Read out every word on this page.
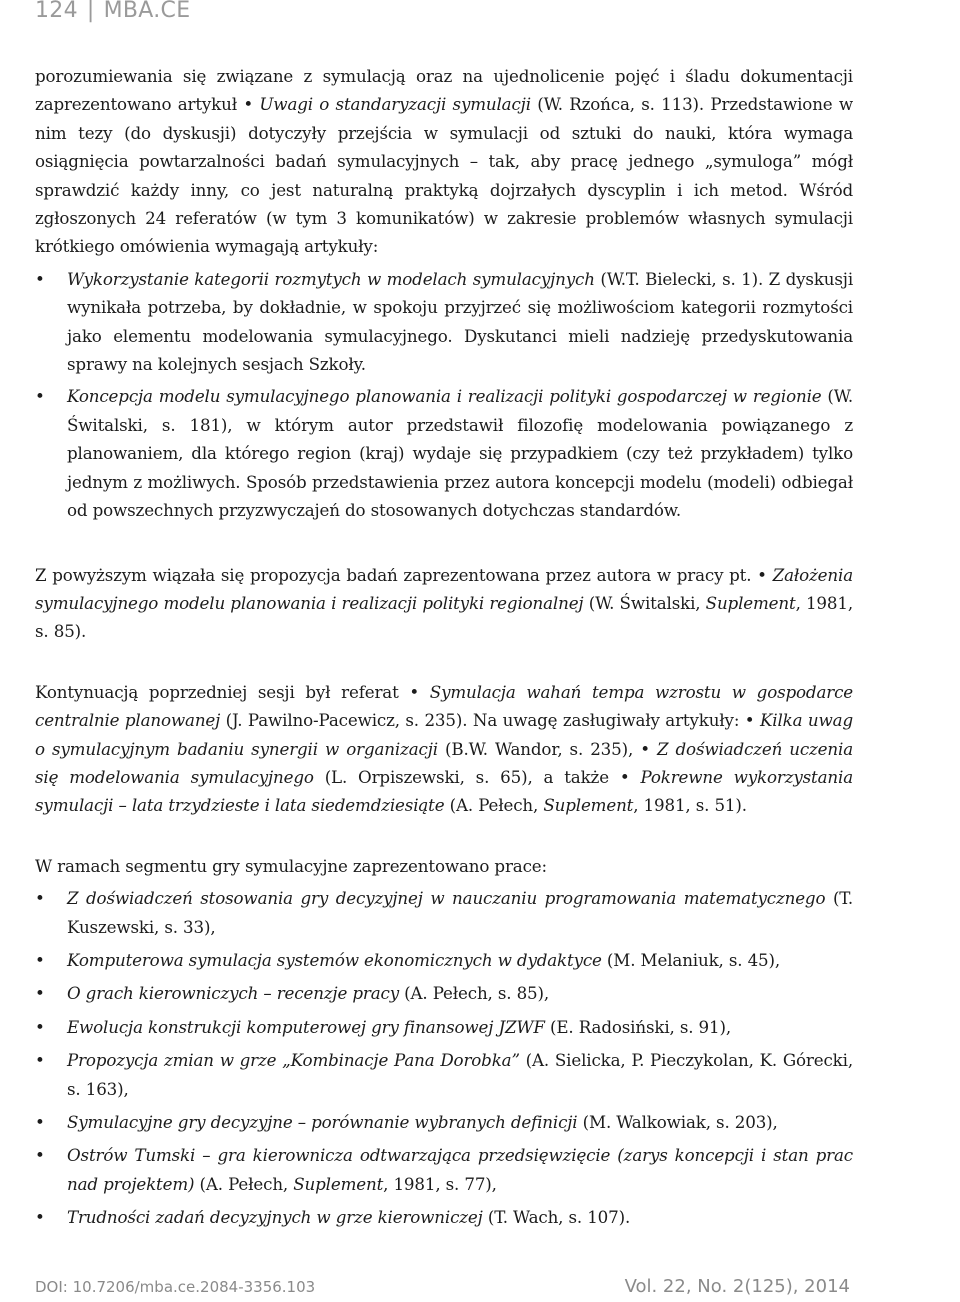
124 | MBA.CE

porozumiewania się związane z symulacją oraz na ujednolicenie pojęć i śladu dokumentacji zaprezentowano artykuł • Uwagi o standaryzacji symulacji (W. Rzońca, s. 113). Przedstawione w nim tezy (do dyskusji) dotyczyły przejścia w symulacji od sztuki do nauki, która wymaga osiągnięcia powtarzalności badań symulacyjnych – tak, aby pracę jednego „symuloga” mógł sprawdzić każdy inny, co jest naturalną praktyką dojrzałych dyscyplin i ich metod. Wśród zgłoszonych 24 referatów (w tym 3 komunikatów) w zakresie problemów własnych symulacji krótkiego omówienia wymagają artykuły:

• Wykorzystanie kategorii rozmytych w modelach symulacyjnych (W.T. Bielecki, s. 1). Z dyskusji wynikała potrzeba, by dokładnie, w spokoju przyjrzeć się możliwościom kategorii rozmytości jako elementu modelowania symulacyjnego. Dyskutanci mieli nadzieję przedyskutowania sprawy na kolejnych sesjach Szkoły.
• Koncepcja modelu symulacyjnego planowania i realizacji polityki gospodarczej w regionie (W. Świtalski, s. 181), w którym autor przedstawił filozofię modelowania powiązanego z planowaniem, dla którego region (kraj) wydaje się przypadkiem (czy też przykładem) tylko jednym z możliwych. Sposób przedstawienia przez autora koncepcji modelu (modeli) odbiegał od powszechnych przyzwyczajeń do stosowanych dotychczas standardów.

Z powyższym wiązała się propozycja badań zaprezentowana przez autora w pracy pt. • Założenia symulacyjnego modelu planowania i realizacji polityki regionalnej (W. Świtalski, Suplement, 1981, s. 85).

Kontynuacją poprzedniej sesji był referat • Symulacja wahań tempa wzrostu w gospodarce centralnie planowanej (J. Pawilno-Pacewicz, s. 235). Na uwagę zasługiwały artykuły: • Kilka uwag o symulacyjnym badaniu synergii w organizacji (B.W. Wandor, s. 235), • Z doświadczeń uczenia się modelowania symulacyjnego (L. Orpiszewski, s. 65), a także • Pokrewne wykorzystania symulacji – lata trzydzieste i lata siedemdziesiąte (A. Pełech, Suplement, 1981, s. 51).

W ramach segmentu gry symulacyjne zaprezentowano prace:

• Z doświadczeń stosowania gry decyzyjnej w nauczaniu programowania matematycznego (T. Kuszewski, s. 33),
• Komputerowa symulacja systemów ekonomicznych w dydaktyce (M. Melaniuk, s. 45),
• O grach kierowniczych – recenzje pracy (A. Pełech, s. 85),
• Ewolucja konstrukcji komputerowej gry finansowej JZWF (E. Radosiński, s. 91),
• Propozycja zmian w grze „Kombinacje Pana Dorobka” (A. Sielicka, P. Pieczykolan, K. Górecki, s. 163),
• Symulacyjne gry decyzyjne – porównanie wybranych definicji (M. Walkowiak, s. 203),
• Ostrów Tumski – gra kierownicza odtwarzająca przedsięwzięcie (zarys koncepcji i stan prac nad projektem) (A. Pełech, Suplement, 1981, s. 77),
• Trudności zadań decyzyjnych w grze kierowniczej (T. Wach, s. 107).
DOI: 10.7206/mba.ce.2084-3356.103	Vol. 22, No. 2(125), 2014
